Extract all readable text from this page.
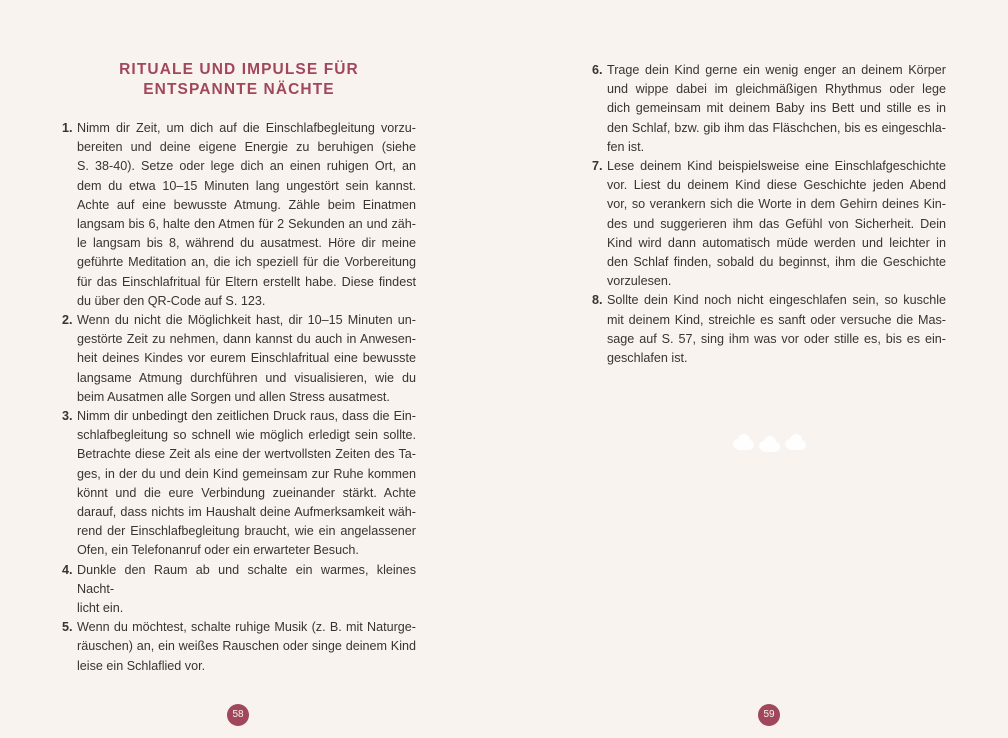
RITUALE UND IMPULSE FÜR
ENTSPANNTE NÄCHTE
1. Nimm dir Zeit, um dich auf die Einschlafbegleitung vorzu-
bereiten und deine eigene Energie zu beruhigen (siehe
S. 38-40). Setze oder lege dich an einen ruhigen Ort, an
dem du etwa 10–15 Minuten lang ungestört sein kannst.
Achte auf eine bewusste Atmung. Zähle beim Einatmen
langsam bis 6, halte den Atmen für 2 Sekunden an und zäh-
le langsam bis 8, während du ausatmest. Höre dir meine
geführte Meditation an, die ich speziell für die Vorbereitung
für das Einschlafritual für Eltern erstellt habe. Diese findest
du über den QR-Code auf S. 123.
2. Wenn du nicht die Möglichkeit hast, dir 10–15 Minuten un-
gestörte Zeit zu nehmen, dann kannst du auch in Anwesen-
heit deines Kindes vor eurem Einschlafritual eine bewusste
langsame Atmung durchführen und visualisieren, wie du
beim Ausatmen alle Sorgen und allen Stress ausatmest.
3. Nimm dir unbedingt den zeitlichen Druck raus, dass die Ein-
schlafbegleitung so schnell wie möglich erledigt sein sollte.
Betrachte diese Zeit als eine der wertvollsten Zeiten des Ta-
ges, in der du und dein Kind gemeinsam zur Ruhe kommen
könnt und die eure Verbindung zueinander stärkt. Achte
darauf, dass nichts im Haushalt deine Aufmerksamkeit wäh-
rend der Einschlafbegleitung braucht, wie ein angelassener
Ofen, ein Telefonanruf oder ein erwarteter Besuch.
4. Dunkle den Raum ab und schalte ein warmes, kleines Nacht-
licht ein.
5. Wenn du möchtest, schalte ruhige Musik (z. B. mit Naturge-
räuschen) an, ein weißes Rauschen oder singe deinem Kind
leise ein Schlaflied vor.
58
6. Trage dein Kind gerne ein wenig enger an deinem Körper
und wippe dabei im gleichmäßigen Rhythmus oder lege
dich gemeinsam mit deinem Baby ins Bett und stille es in
den Schlaf, bzw. gib ihm das Fläschchen, bis es eingeschla-
fen ist.
7. Lese deinem Kind beispielsweise eine Einschlafgeschichte
vor. Liest du deinem Kind diese Geschichte jeden Abend
vor, so verankern sich die Worte in dem Gehirn deines Kin-
des und suggerieren ihm das Gefühl von Sicherheit. Dein
Kind wird dann automatisch müde werden und leichter in
den Schlaf finden, sobald du beginnst, ihm die Geschichte
vorzulesen.
8. Sollte dein Kind noch nicht eingeschlafen sein, so kuschle
mit deinem Kind, streichle es sanft oder versuche die Mas-
sage auf S. 57, sing ihm was vor oder stille es, bis es ein-
geschlafen ist.
59
